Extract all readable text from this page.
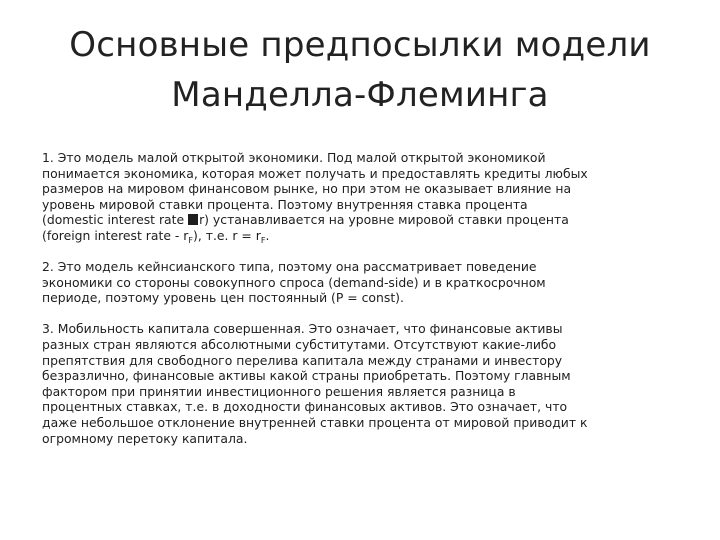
Основные предпосылки модели
Манделла-Флеминга
1. Это модель малой открытой экономики. Под малой открытой экономикой
понимается экономика, которая может получать и предоставлять кредиты любых
размеров на мировом финансовом рынке, но при этом не оказывает влияние на
уровень мировой ставки процента. Поэтому внутренняя ставка процента
(domestic interest rate r) устанавливается на уровне мировой ставки процента
(foreign interest rate - $r_F$), т.е. $r = r_F$.
2. Это модель кейнсианского типа, поэтому она рассматривает поведение
экономики со стороны совокупного спроса (demand-side) и в краткосрочном
периоде, поэтому уровень цен постоянный (P = const).
3. Мобильность капитала совершенная. Это означает, что финансовые активы
разных стран являются абсолютными субститутами. Отсутствуют какие-либо
препятствия для свободного перелива капитала между странами и инвестору
безразлично, финансовые активы какой страны приобретать. Поэтому главным
фактором при принятии инвестиционного решения является разница в
процентных ставках, т.е. в доходности финансовых активов. Это означает, что
даже небольшое отклонение внутренней ставки процента от мировой приводит к
огромному перетоку капитала.
